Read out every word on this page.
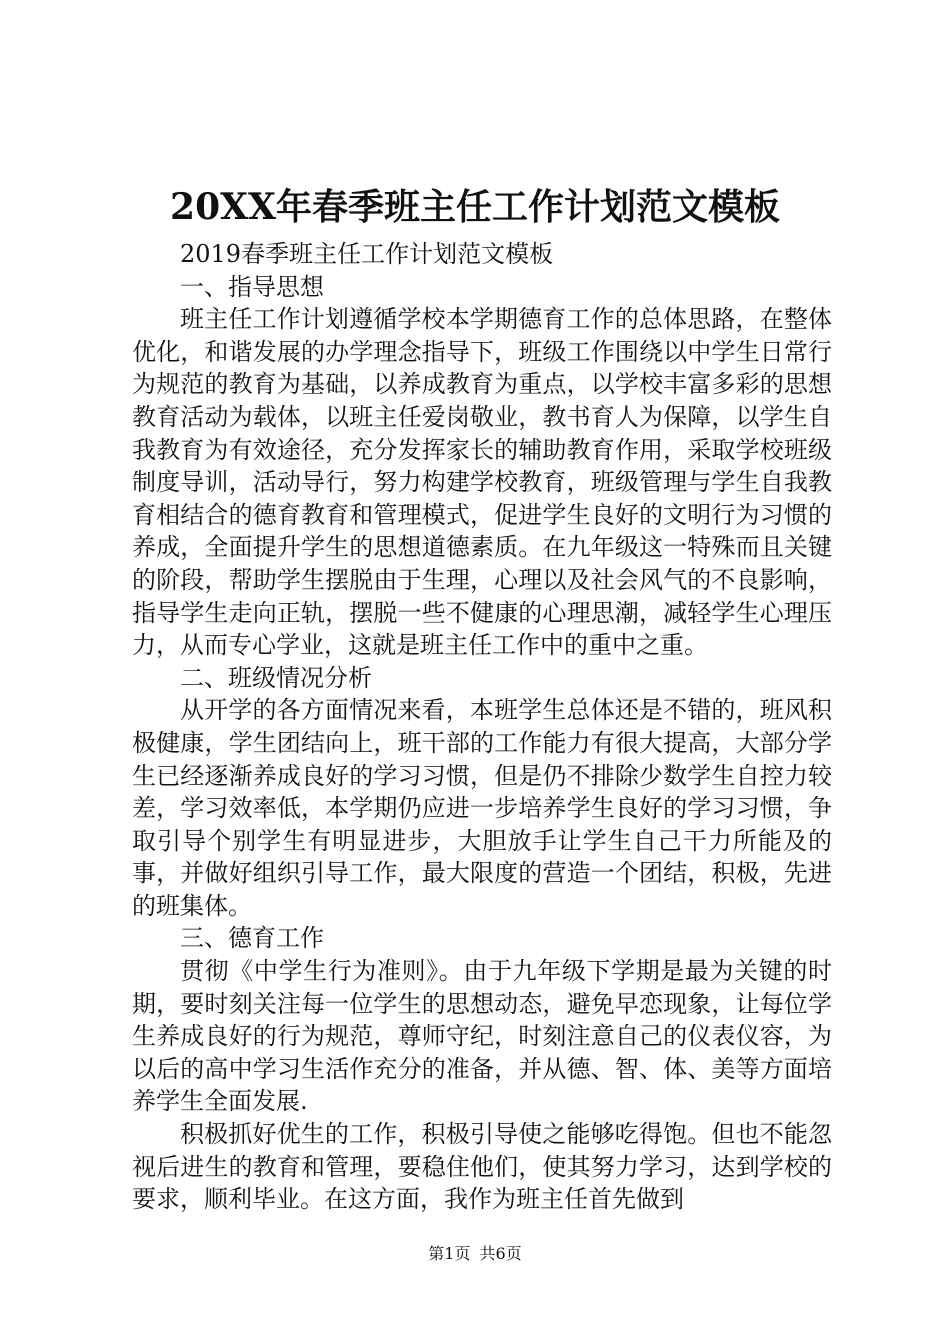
20XX年春季班主任工作计划范文模板

2019春季班主任工作计划范文模板

一、指导思想

班主任工作计划遵循学校本学期德育工作的总体思路，在整体优化，和谐发展的办学理念指导下，班级工作围绕以中学生日常行为规范的教育为基础，以养成教育为重点，以学校丰富多彩的思想教育活动为载体，以班主任爱岗敬业，教书育人为保障，以学生自我教育为有效途径，充分发挥家长的辅助教育作用，采取学校班级制度导训，活动导行，努力构建学校教育，班级管理与学生自我教育相结合的德育教育和管理模式，促进学生良好的文明行为习惯的养成，全面提升学生的思想道德素质。在九年级这一特殊而且关键的阶段，帮助学生摆脱由于生理，心理以及社会风气的不良影响，指导学生走向正轨，摆脱一些不健康的心理思潮，减轻学生心理压力，从而专心学业，这就是班主任工作中的重中之重。

二、班级情况分析

从开学的各方面情况来看，本班学生总体还是不错的，班风积极健康，学生团结向上，班干部的工作能力有很大提高，大部分学生已经逐渐养成良好的学习习惯，但是仍不排除少数学生自控力较差，学习效率低，本学期仍应进一步培养学生良好的学习习惯，争取引导个别学生有明显进步，大胆放手让学生自己干力所能及的事，并做好组织引导工作，最大限度的营造一个团结，积极，先进的班集体。

三、德育工作

贯彻《中学生行为准则》。由于九年级下学期是最为关键的时期，要时刻关注每一位学生的思想动态，避免早恋现象，让每位学生养成良好的行为规范，尊师守纪，时刻注意自己的仪表仪容，为以后的高中学习生活作充分的准备，并从德、智、体、美等方面培养学生全面发展.

积极抓好优生的工作，积极引导使之能够吃得饱。但也不能忽视后进生的教育和管理，要稳住他们，使其努力学习，达到学校的要求，顺利毕业。在这方面，我作为班主任首先做到

第1页 共6页
